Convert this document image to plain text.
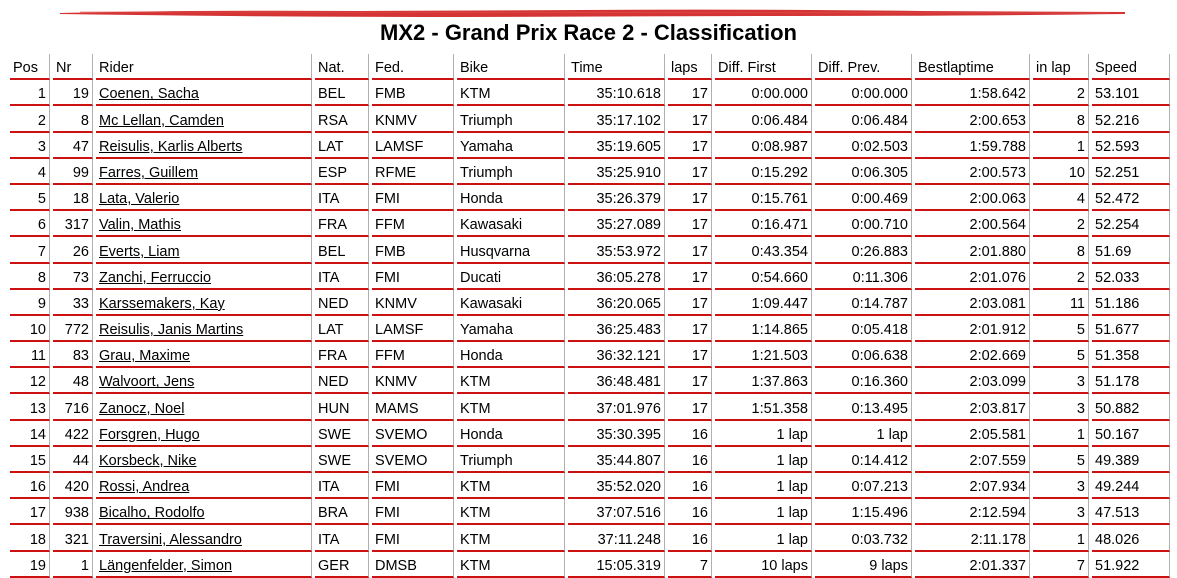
MX2 - Grand Prix Race 2 - Classification
Pos	Nr	Rider	Nat.	Fed.	Bike	Time	laps	Diff. First	Diff. Prev.	Bestlaptime	in lap	Speed
1	19	Coenen, Sacha	BEL	FMB	KTM	35:10.618	17	0:00.000	0:00.000	1:58.642	2	53.101
2	8	Mc Lellan, Camden	RSA	KNMV	Triumph	35:17.102	17	0:06.484	0:06.484	2:00.653	8	52.216
3	47	Reisulis, Karlis Alberts	LAT	LAMSF	Yamaha	35:19.605	17	0:08.987	0:02.503	1:59.788	1	52.593
4	99	Farres, Guillem	ESP	RFME	Triumph	35:25.910	17	0:15.292	0:06.305	2:00.573	10	52.251
5	18	Lata, Valerio	ITA	FMI	Honda	35:26.379	17	0:15.761	0:00.469	2:00.063	4	52.472
6	317	Valin, Mathis	FRA	FFM	Kawasaki	35:27.089	17	0:16.471	0:00.710	2:00.564	2	52.254
7	26	Everts, Liam	BEL	FMB	Husqvarna	35:53.972	17	0:43.354	0:26.883	2:01.880	8	51.69
8	73	Zanchi, Ferruccio	ITA	FMI	Ducati	36:05.278	17	0:54.660	0:11.306	2:01.076	2	52.033
9	33	Karssemakers, Kay	NED	KNMV	Kawasaki	36:20.065	17	1:09.447	0:14.787	2:03.081	11	51.186
10	772	Reisulis, Janis Martins	LAT	LAMSF	Yamaha	36:25.483	17	1:14.865	0:05.418	2:01.912	5	51.677
11	83	Grau, Maxime	FRA	FFM	Honda	36:32.121	17	1:21.503	0:06.638	2:02.669	5	51.358
12	48	Walvoort, Jens	NED	KNMV	KTM	36:48.481	17	1:37.863	0:16.360	2:03.099	3	51.178
13	716	Zanocz, Noel	HUN	MAMS	KTM	37:01.976	17	1:51.358	0:13.495	2:03.817	3	50.882
14	422	Forsgren, Hugo	SWE	SVEMO	Honda	35:30.395	16	1 lap	1 lap	2:05.581	1	50.167
15	44	Korsbeck, Nike	SWE	SVEMO	Triumph	35:44.807	16	1 lap	0:14.412	2:07.559	5	49.389
16	420	Rossi, Andrea	ITA	FMI	KTM	35:52.020	16	1 lap	0:07.213	2:07.934	3	49.244
17	938	Bicalho, Rodolfo	BRA	FMI	KTM	37:07.516	16	1 lap	1:15.496	2:12.594	3	47.513
18	321	Traversini, Alessandro	ITA	FMI	KTM	37:11.248	16	1 lap	0:03.732	2:11.178	1	48.026
19	1	Längenfelder, Simon	GER	DMSB	KTM	15:05.319	7	10 laps	9 laps	2:01.337	7	51.922
